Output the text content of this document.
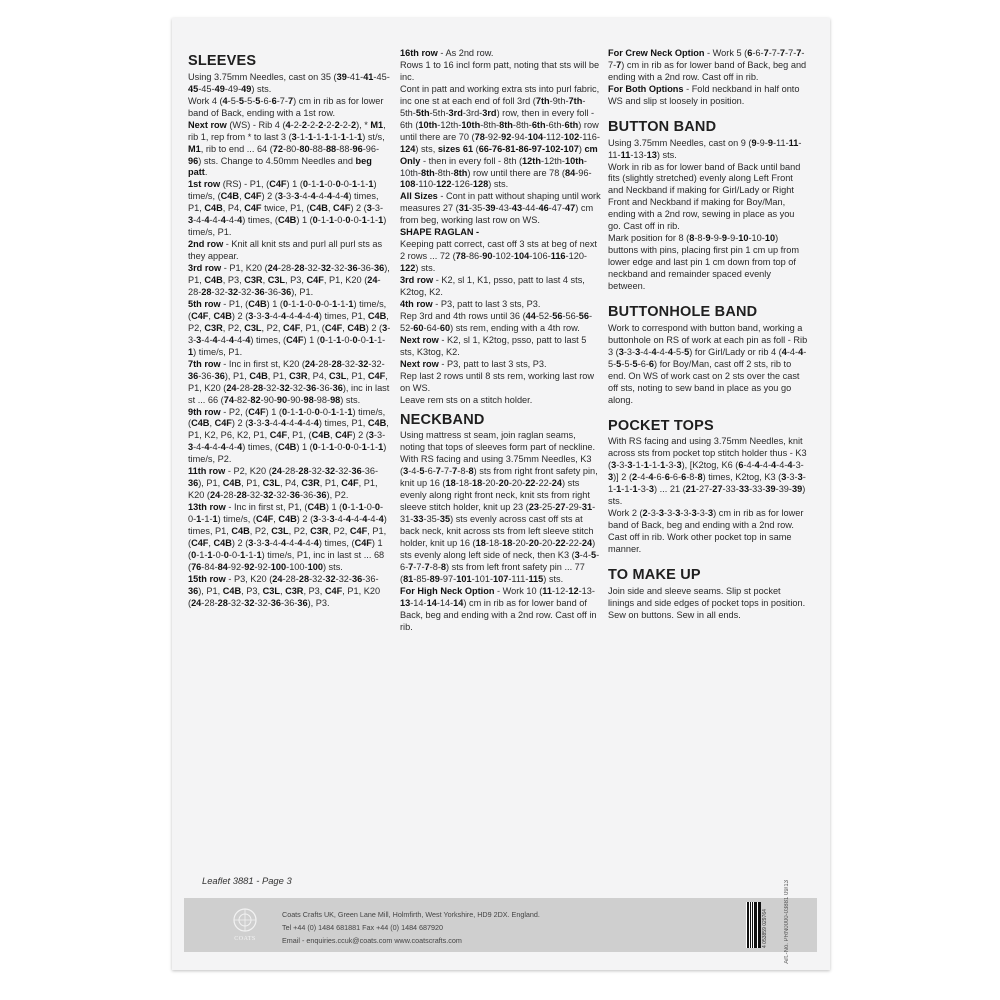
SLEEVES
Using 3.75mm Needles, cast on 35 (39-41-41-45-45-45-49-49-49) sts.
Work 4 (4-5-5-5-5-6-6-7-7) cm in rib as for lower band of Back, ending with a 1st row.
Next row (WS) - Rib 4 (4-2-2-2-2-2-2-2-2), * M1, rib 1, rep from * to last 3 (3-1-1-1-1-1-1-1-1) st/s, M1, rib to end ... 64 (72-80-80-88-88-88-96-96-96) sts. Change to 4.50mm Needles and beg patt.
1st row (RS) - P1, (C4F) 1 (0-1-1-0-0-0-1-1-1) time/s, (C4B, C4F) 2 (3-3-3-4-4-4-4-4-4) times, P1, C4B, P4, C4F twice, P1, (C4B, C4F) 2 (3-3-3-4-4-4-4-4-4) times, (C4B) 1 (0-1-1-0-0-0-1-1-1) time/s, P1.
2nd row - Knit all knit sts and purl all purl sts as they appear.
3rd row - P1, K20 (24-28-28-32-32-32-36-36-36), P1, C4B, P3, C3R, C3L, P3, C4F, P1, K20 (24-28-28-32-32-32-36-36-36), P1.
5th row - P1, (C4B) 1 (0-1-1-0-0-0-1-1-1) time/s, (C4F, C4B) 2 (3-3-3-4-4-4-4-4-4) times, P1, C4B, P2, C3R, P2, C3L, P2, C4F, P1, (C4F, C4B) 2 (3-3-3-4-4-4-4-4-4) times, (C4F) 1 (0-1-1-0-0-0-1-1-1) time/s, P1.
7th row - Inc in first st, K20 (24-28-28-32-32-32-36-36-36), P1, C4B, P1, C3R, P4, C3L, P1, C4F, P1, K20 (24-28-28-32-32-32-36-36-36), inc in last st ... 66 (74-82-82-90-90-90-98-98-98) sts.
9th row - P2, (C4F) 1 (0-1-1-0-0-0-1-1-1) time/s, (C4B, C4F) 2 (3-3-3-4-4-4-4-4-4) times, P1, C4B, P1, K2, P6, K2, P1, C4F, P1, (C4B, C4F) 2 (3-3-3-4-4-4-4-4-4) times, (C4B) 1 (0-1-1-0-0-0-1-1-1) time/s, P2.
11th row - P2, K20 (24-28-28-32-32-32-36-36-36), P1, C4B, P1, C3L, P4, C3R, P1, C4F, P1, K20 (24-28-28-32-32-32-36-36-36), P2.
13th row - Inc in first st, P1, (C4B) 1 (0-1-1-0-0-0-1-1-1) time/s, (C4F, C4B) 2 (3-3-3-4-4-4-4-4-4) times, P1, C4B, P2, C3L, P2, C3R, P2, C4F, P1, (C4F, C4B) 2 (3-3-3-4-4-4-4-4-4) times, (C4F) 1 (0-1-1-0-0-0-1-1-1) time/s, P1, inc in last st ... 68 (76-84-84-92-92-92-100-100-100) sts.
15th row - P3, K20 (24-28-28-32-32-32-36-36-36), P1, C4B, P3, C3L, C3R, P3, C4F, P1, K20 (24-28-28-32-32-32-36-36-36), P3.
16th row - As 2nd row.
Rows 1 to 16 incl form patt, noting that sts will be inc.
Cont in patt and working extra sts into purl fabric, inc one st at each end of foll 3rd (7th-9th-7th-5th-5th-5th-3rd-3rd-3rd) row, then in every foll - 6th (10th-12th-10th-8th-8th-8th-6th-6th-6th) row until there are 70 (78-92-92-94-104-112-102-116-124) sts, sizes 61 (66-76-81-86-97-102-107) cm Only - then in every foll - 8th (12th-12th-10th-10th-8th-8th-8th) row until there are 78 (84-96-108-110-122-126-128) sts.
All Sizes - Cont in patt without shaping until work measures 27 (31-35-39-43-43-44-46-47-47) cm from beg, working last row on WS.
SHAPE RAGLAN -
Keeping patt correct, cast off 3 sts at beg of next 2 rows ... 72 (78-86-90-102-104-106-116-120-122) sts.
3rd row - K2, sl 1, K1, psso, patt to last 4 sts, K2tog, K2.
4th row - P3, patt to last 3 sts, P3.
Rep 3rd and 4th rows until 36 (44-52-56-56-56-52-60-64-60) sts rem, ending with a 4th row.
Next row - K2, sl 1, K2tog, psso, patt to last 5 sts, K3tog, K2.
Next row - P3, patt to last 3 sts, P3.
Rep last 2 rows until 8 sts rem, working last row on WS.
Leave rem sts on a stitch holder.
NECKBAND
Using mattress st seam, join raglan seams, noting that tops of sleeves form part of neckline.
With RS facing and using 3.75mm Needles, K3 (3-4-5-6-7-7-7-8-8) sts from right front safety pin, knit up 16 (18-18-18-20-20-20-22-22-24) sts evenly along right front neck, knit sts from right sleeve stitch holder, knit up 23 (23-25-27-29-31-31-33-35-35) sts evenly across cast off sts at back neck, knit across sts from left sleeve stitch holder, knit up 16 (18-18-18-20-20-20-22-22-24) sts evenly along left side of neck, then K3 (3-4-5-6-7-7-7-8-8) sts from left front safety pin ... 77 (81-85-89-97-101-101-107-111-115) sts.
For High Neck Option - Work 10 (11-12-12-13-13-14-14-14-14) cm in rib as for lower band of Back, beg and ending with a 2nd row. Cast off in rib.
For Crew Neck Option - Work 5 (6-6-7-7-7-7-7-7-7) cm in rib as for lower band of Back, beg and ending with a 2nd row. Cast off in rib.
For Both Options - Fold neckband in half onto WS and slip st loosely in position.
BUTTON BAND
Using 3.75mm Needles, cast on 9 (9-9-9-11-11-11-11-13-13) sts.
Work in rib as for lower band of Back until band fits (slightly stretched) evenly along Left Front and Neckband if making for Girl/Lady or Right Front and Neckband if making for Boy/Man, ending with a 2nd row, sewing in place as you go. Cast off in rib.
Mark position for 8 (8-8-9-9-9-9-10-10-10) buttons with pins, placing first pin 1 cm up from lower edge and last pin 1 cm down from top of neckband and remainder spaced evenly between.
BUTTONHOLE BAND
Work to correspond with button band, working a buttonhole on RS of work at each pin as foll - Rib 3 (3-3-3-4-4-4-4-5-5) for Girl/Lady or rib 4 (4-4-4-5-5-5-5-6-6) for Boy/Man, cast off 2 sts, rib to end. On WS of work cast on 2 sts over the cast off sts, noting to sew band in place as you go along.
POCKET TOPS
With RS facing and using 3.75mm Needles, knit across sts from pocket top stitch holder thus - K3 (3-3-3-1-1-1-1-3-3), [K2tog, K6 (6-4-4-4-4-4-4-3-3)] 2 (2-4-4-6-6-6-6-8-8) times, K2tog, K3 (3-3-3-1-1-1-1-3-3) ... 21 (21-27-27-33-33-33-39-39-39) sts.
Work 2 (2-3-3-3-3-3-3-3-3) cm in rib as for lower band of Back, beg and ending with a 2nd row.
Cast off in rib. Work other pocket top in same manner.
TO MAKE UP
Join side and sleeve seams. Slip st pocket linings and side edges of pocket tops in position. Sew on buttons. Sew in all ends.
Leaflet 3881 - Page 3
COATS
Coats Crafts UK, Green Lane Mill, Holmfirth, West Yorkshire, HD9 2DX. England.
Tel +44 (0) 1484 681881 Fax +44 (0) 1484 687920
Email - enquiries.ccuk@coats.com www.coatscrafts.com	4 053859 029764	Art.-No. PRN0000-03881 09/13
